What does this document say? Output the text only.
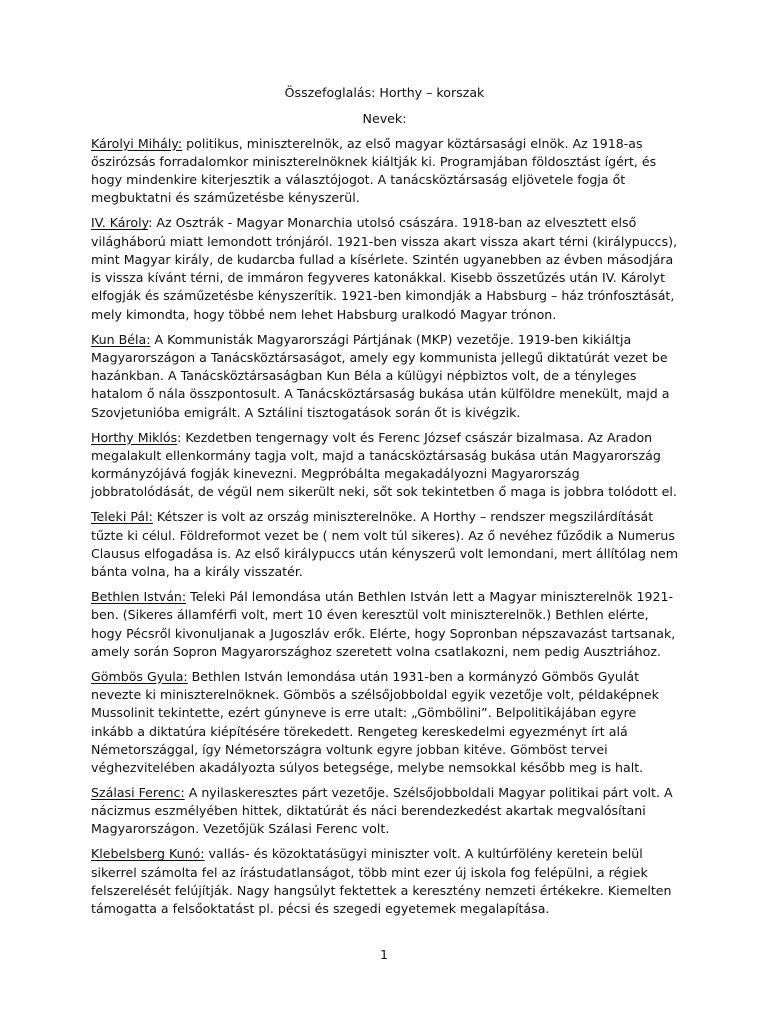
Összefoglalás: Horthy – korszak

Nevek:

Károlyi Mihály: politikus, miniszterelnök, az első magyar köztársasági elnök. Az 1918-as őszirózsás forradalomkor miniszterelnöknek kiáltják ki. Programjában földosztást ígért, és hogy mindenkire kiterjesztik a választójogot. A tanácsköztársaság eljövetele fogja őt megbuktatni és száműzetésbe kényszerül.

IV. Károly: Az Osztrák - Magyar Monarchia utolsó császára. 1918-ban az elvesztett első világháború miatt lemondott trónjáról. 1921-ben vissza akart vissza akart térni (királypuccs), mint Magyar király, de kudarcba fullad a kísérlete. Szintén ugyanebben az évben másodjára is vissza kívánt térni, de immáron fegyveres katonákkal. Kisebb összetűzés után IV. Károlyt elfogják és száműzetésbe kényszerítik. 1921-ben kimondják a Habsburg – ház trónfosztását, mely kimondta, hogy többé nem lehet Habsburg uralkodó Magyar trónon.

Kun Béla: A Kommunisták Magyarországi Pártjának (MKP) vezetője. 1919-ben kikiáltja Magyarországon a Tanácsköztársaságot, amely egy kommunista jellegű diktatúrát vezet be hazánkban. A Tanácsköztársaságban Kun Béla a külügyi népbiztos volt, de a tényleges hatalom ő nála összpontosult. A Tanácsköztársaság bukása után külföldre menekült, majd a Szovjetunióba emigrált. A Sztálini tisztogatások során őt is kivégzik.

Horthy Miklós: Kezdetben tengernagy volt és Ferenc József császár bizalmasa. Az Aradon megalakult ellenkormány tagja volt, majd a tanácsköztársaság bukása után Magyarország kormányzójává fogják kinevezni. Megpróbálta megakadályozni Magyarország jobbratolódását, de végül nem sikerült neki, sőt sok tekintetben ő maga is jobbra tolódott el.

Teleki Pál: Kétszer is volt az ország miniszterelnöke. A Horthy – rendszer megszilárdítását tűzte ki célul. Földreformot vezet be ( nem volt túl sikeres). Az ő nevéhez fűződik a Numerus Clausus elfogadása is. Az első királypuccs után kényszerű volt lemondani, mert állítólag nem bánta volna, ha a király visszatér.

Bethlen István: Teleki Pál lemondása után Bethlen István lett a Magyar miniszterelnök 1921-ben. (Sikeres államférfi volt, mert 10 éven keresztül volt miniszterelnök.) Bethlen elérte, hogy Pécsről kivonuljanak a Jugoszláv erők. Elérte, hogy Sopronban népszavazást tartsanak, amely során Sopron Magyarországhoz szeretett volna csatlakozni, nem pedig Ausztriához.

Gömbös Gyula: Bethlen István lemondása után 1931-ben a kormányzó Gömbös Gyulát nevezte ki miniszterelnöknek. Gömbös a szélsőjobboldal egyik vezetője volt, példaképnek Mussolinit tekintette, ezért gúnyneve is erre utalt: „Gömbölini”. Belpolitikájában egyre inkább a diktatúra kiépítésére törekedett. Rengeteg kereskedelmi egyezményt írt alá Németországgal, így Németországra voltunk egyre jobban kitéve. Gömböst tervei véghezvitelében akadályozta súlyos betegsége, melybe nemsokkal később meg is halt.

Szálasi Ferenc: A nyilaskeresztes párt vezetője. Szélsőjobboldali Magyar politikai párt volt. A nácizmus eszmélyében hittek, diktatúrát és náci berendezkedést akartak megvalósítani Magyarországon. Vezetőjük Szálasi Ferenc volt.

Klebelsberg Kunó: vallás- és közoktatásügyi miniszter volt. A kultúrfölény keretein belül sikerrel számolta fel az írástudatlanságot, több mint ezer új iskola fog felépülni, a régiek felszerelését felújítják. Nagy hangsúlyt fektettek a keresztény nemzeti értékekre. Kiemelten támogatta a felsőoktatást pl. pécsi és szegedi egyetemek megalapítása.

1
